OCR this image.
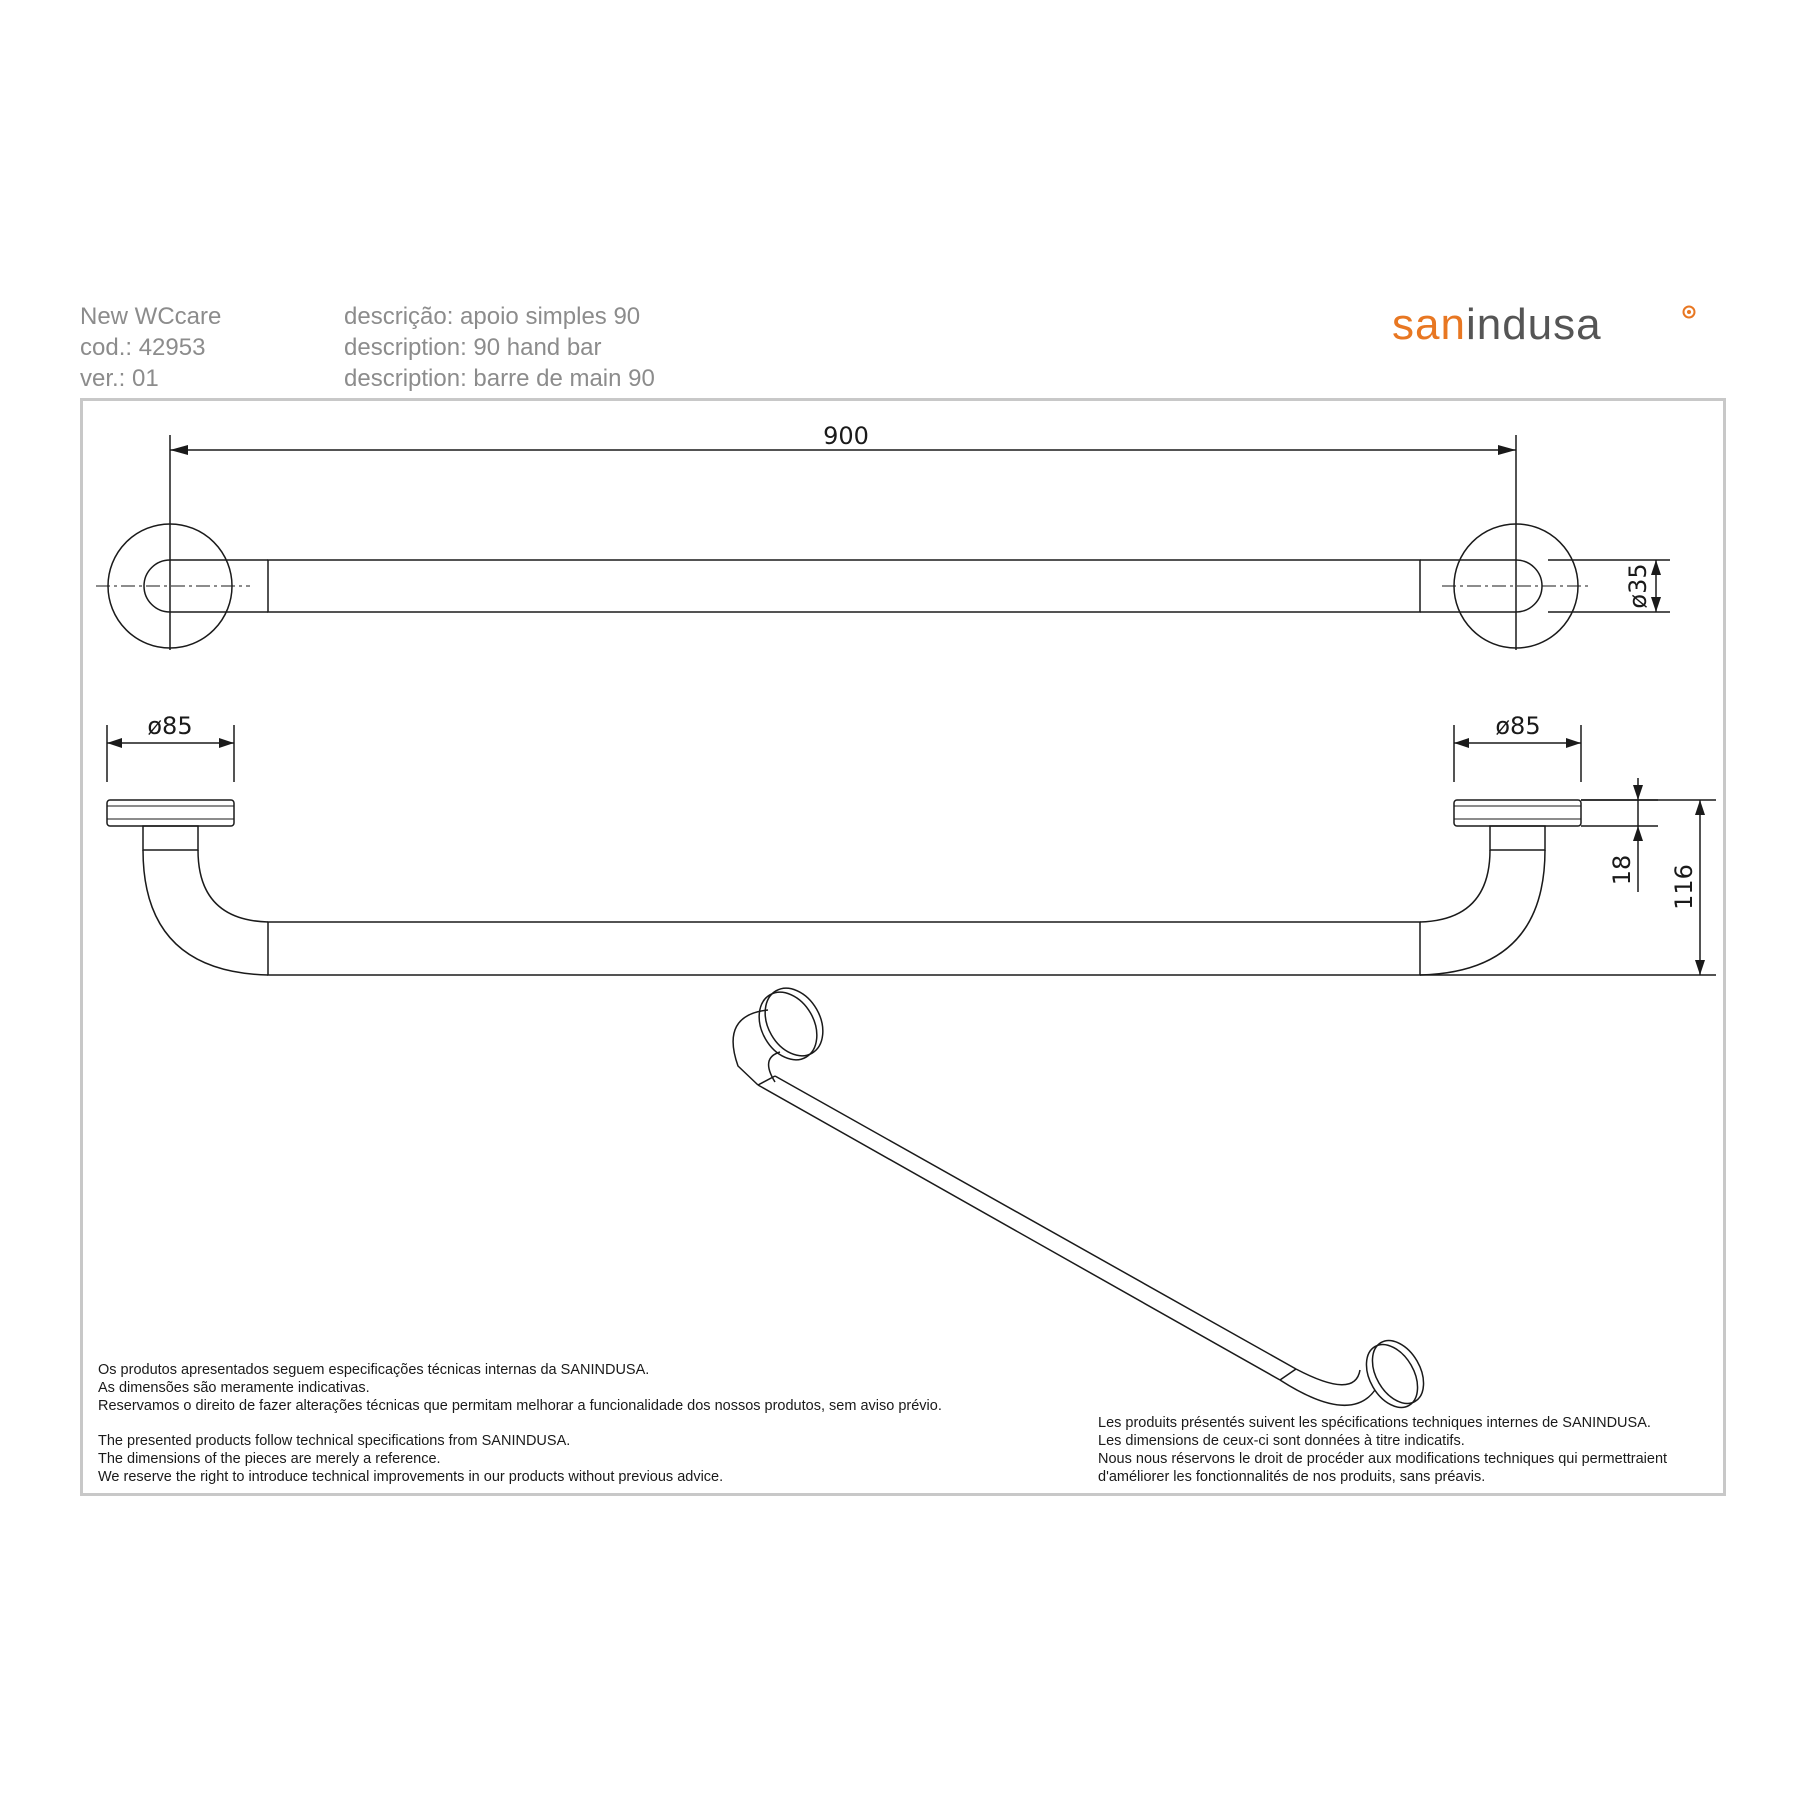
New WCcare
cod.: 42953
ver.: 01
descrição: apoio simples 90
description: 90 hand bar
description: barre de main 90
sanindusa
900
ø35
ø85	ø85
18 116
Os produtos apresentados seguem especificações técnicas internas da SANINDUSA.
As dimensões são meramente indicativas.
Reservamos o direito de fazer alterações técnicas que permitam melhorar a funcionalidade dos nossos produtos, sem aviso prévio.
The presented products follow technical specifications from SANINDUSA.
The dimensions of the pieces are merely a reference.
We reserve the right to introduce technical improvements in our products without previous advice.
Les produits présentés suivent les spécifications techniques internes de SANINDUSA.
Les dimensions de ceux-ci sont données à titre indicatifs.
Nous nous réservons le droit de procéder aux modifications techniques qui permettraient
d'améliorer les fonctionnalités de nos produits, sans préavis.
